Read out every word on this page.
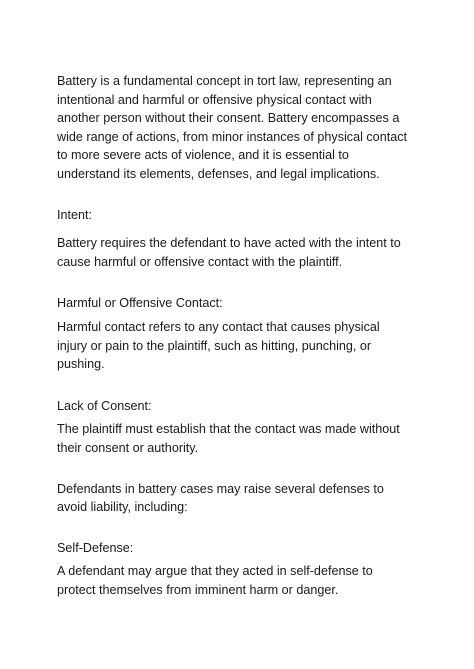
Battery is a fundamental concept in tort law, representing an
intentional and harmful or offensive physical contact with
another person without their consent. Battery encompasses a
wide range of actions, from minor instances of physical contact
to more severe acts of violence, and it is essential to
understand its elements, defenses, and legal implications.

Intent:

Battery requires the defendant to have acted with the intent to
cause harmful or offensive contact with the plaintiff.

Harmful or Offensive Contact:

Harmful contact refers to any contact that causes physical
injury or pain to the plaintiff, such as hitting, punching, or
pushing.

Lack of Consent:

The plaintiff must establish that the contact was made without
their consent or authority.

Defendants in battery cases may raise several defenses to
avoid liability, including:

Self-Defense:

A defendant may argue that they acted in self-defense to
protect themselves from imminent harm or danger.
